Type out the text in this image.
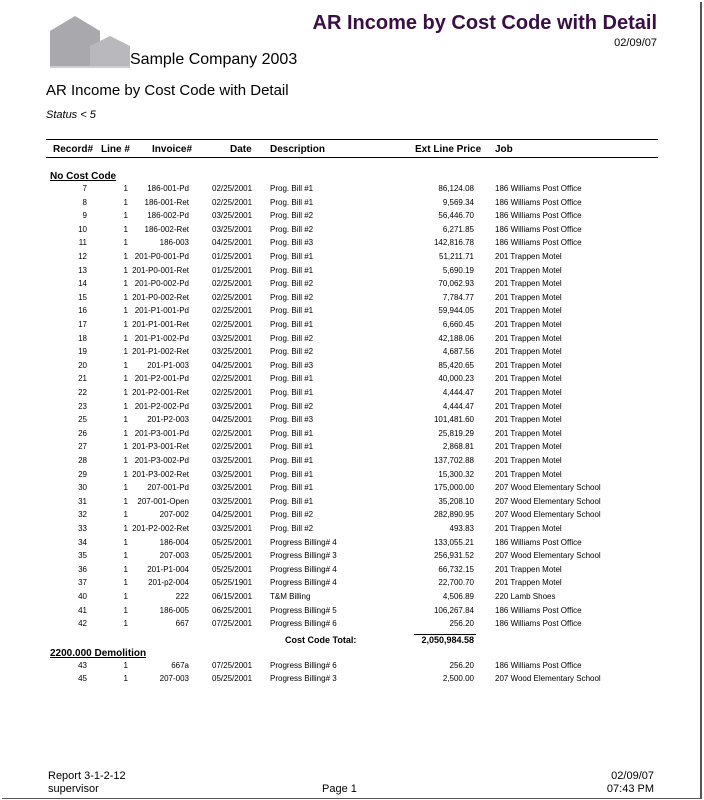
Sample Company 2003
AR Income by Cost Code with Detail
02/09/07
AR Income by Cost Code with Detail
Status < 5
Record# Line # Invoice#	Date Description	Ext Line Price Job
No Cost Code
7	1 186-001-Pd	02/25/2001 Prog. Bill #1	86,124.08	186 Williams Post Office
8	1 186-001-Ret	02/25/2001 Prog. Bill #1	9,569.34	186 Williams Post Office
9	1 186-002-Pd	03/25/2001 Prog. Bill #2	56,446.70	186 Williams Post Office
10	1 186-002-Ret	03/25/2001 Prog. Bill #2	6,271.85	186 Williams Post Office
11	1	186-003	04/25/2001 Prog. Bill #3	142,816.78	186 Williams Post Office
12	1 201-P0-001-Pd	01/25/2001 Prog. Bill #1	51,211.71	201 Trappen Motel
13	1 201-P0-001-Ret	01/25/2001 Prog. Bill #1	5,690.19	201 Trappen Motel
14	1 201-P0-002-Pd	02/25/2001 Prog. Bill #2	70,062.93	201 Trappen Motel
15	1 201-P0-002-Ret	02/25/2001 Prog. Bill #2	7,784.77	201 Trappen Motel
16	1 201-P1-001-Pd	02/25/2001 Prog. Bill #1	59,944.05	201 Trappen Motel
17	1 201-P1-001-Ret	02/25/2001 Prog. Bill #1	6,660.45	201 Trappen Motel
18	1 201-P1-002-Pd	03/25/2001 Prog. Bill #2	42,188.06	201 Trappen Motel
19	1 201-P1-002-Ret	03/25/2001 Prog. Bill #2	4,687.56	201 Trappen Motel
20	1 201-P1-003	04/25/2001 Prog. Bill #3	85,420.65	201 Trappen Motel
21	1 201-P2-001-Pd	02/25/2001 Prog. Bill #1	40,000.23	201 Trappen Motel
22	1 201-P2-001-Ret	02/25/2001 Prog. Bill #1	4,444.47	201 Trappen Motel
23	1 201-P2-002-Pd	03/25/2001 Prog. Bill #2	4,444.47	201 Trappen Motel
25	1 201-P2-003	04/25/2001 Prog. Bill #3	101,481.60	201 Trappen Motel
26	1 201-P3-001-Pd	02/25/2001 Prog. Bill #1	25,819.29	201 Trappen Motel
27	1 201-P3-001-Ret	02/25/2001 Prog. Bill #1	2,868.81	201 Trappen Motel
28	1 201-P3-002-Pd	03/25/2001 Prog. Bill #1	137,702.88	201 Trappen Motel
29	1 201-P3-002-Ret	03/25/2001 Prog. Bill #1	15,300.32	201 Trappen Motel
30	1 207-001-Pd	03/25/2001 Prog. Bill #1	175,000.00	207 Wood Elementary School
31	1 207-001-Open	03/25/2001 Prog. Bill #1	35,208.10	207 Wood Elementary School
32	1	207-002	04/25/2001 Prog. Bill #2	282,890.95	207 Wood Elementary School
33	1 201-P2-002-Ret	03/25/2001 Prog. Bill #2	493.83	201 Trappen Motel
34	1	186-004	05/25/2001 Progress Billing# 4	133,055.21	186 Williams Post Office
35	1	207-003	05/25/2001 Progress Billing# 3	256,931.52	207 Wood Elementary School
36	1 201-P1-004	05/25/2001 Progress Billing# 4	66,732.15	201 Trappen Motel
37	1	201-p2-004	05/25/1901 Progress Billing# 4	22,700.70	201 Trappen Motel
40	1	222	06/15/2001 T&M Billing	4,506.89	220 Lamb Shoes
41	1	186-005	06/25/2001 Progress Billing# 5	106,267.84	186 Williams Post Office
42	1	667	07/25/2001 Progress Billing# 6	256.20	186 Williams Post Office
Cost Code Total:	2,050,984.58
2200.000 Demolition
43	1	667a	07/25/2001 Progress Billing# 6	256.20	186 Williams Post Office
45	1	207-003	05/25/2001 Progress Billing# 3	2,500.00	207 Wood Elementary School
Report 3-1-2-12
supervisor	Page 1
02/09/07
07:43 PM
